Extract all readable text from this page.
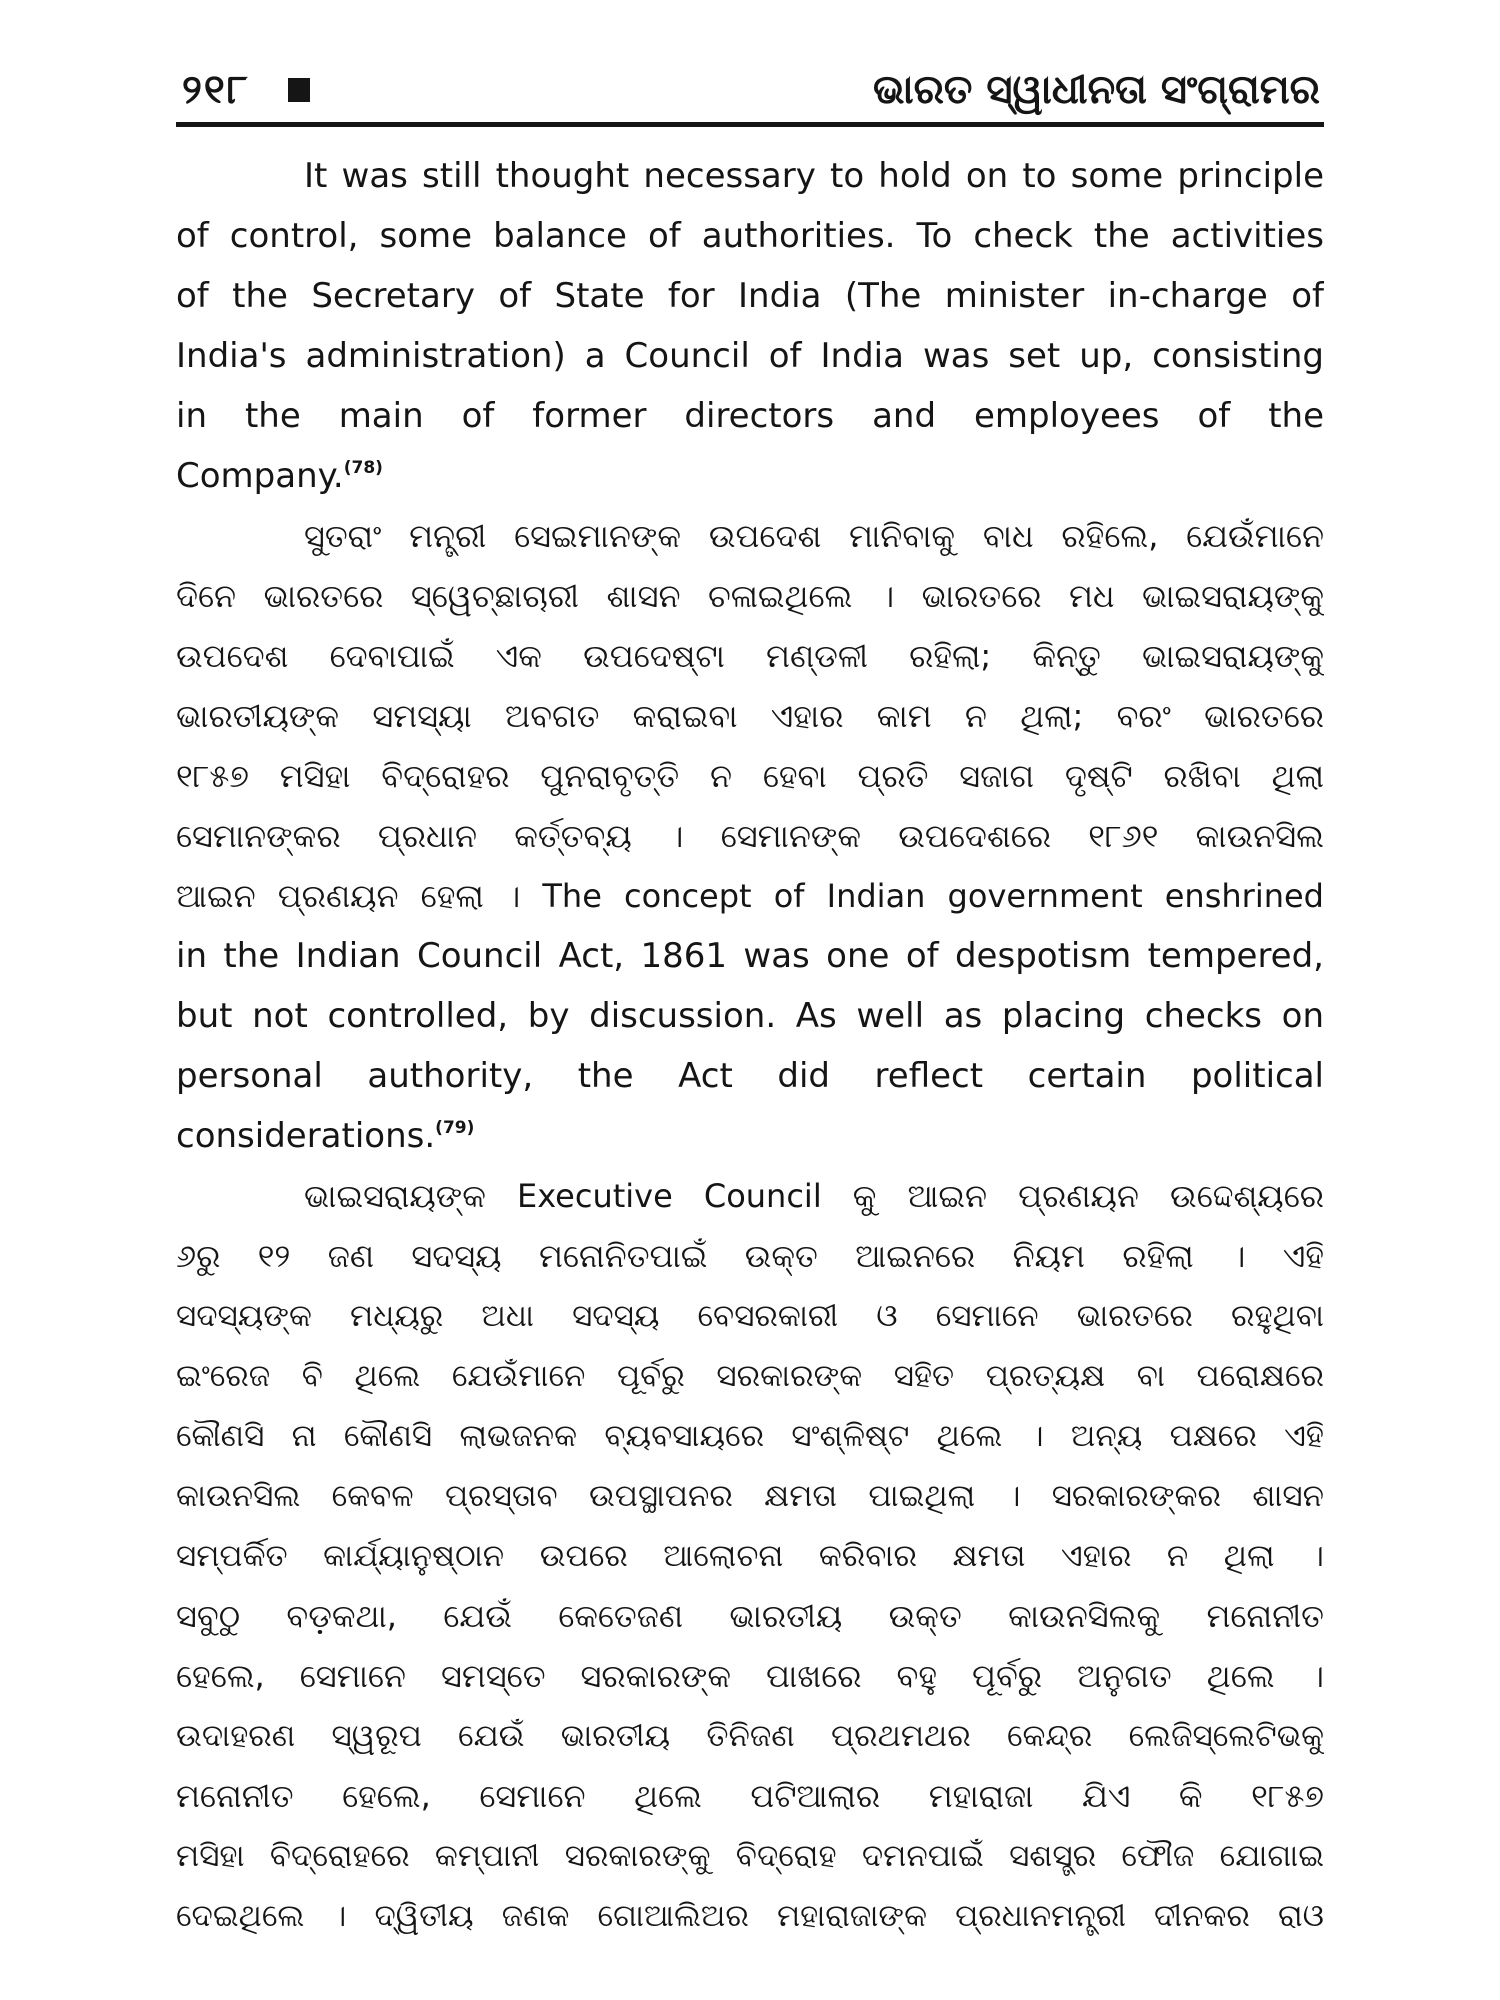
୨୧୮	ଭାରତ ସ୍ୱାଧୀନତା ସଂଗ୍ରାମର
It was still thought necessary to hold on to some principle
of control, some balance of authorities. To check the activities
of the Secretary of State for India (The minister in-charge of
India's administration) a Council of India was set up, consisting
in the main of former directors and employees of the
Company.$^{(78)}$
ସୁତରାଂ ମନ୍ତ୍ରୀ ସେଇମାନଙ୍କ ଉପଦେଶ ମାନିବାକୁ ବାଧ ରହିଲେ, ଯେଉଁମାନେ
ଦିନେ ଭାରତରେ ସ୍ୱେଚ୍ଛାଚାରୀ ଶାସନ ଚଳାଇଥିଲେ । ଭାରତରେ ମଧ ଭାଇସରାୟଙ୍କୁ
ଉପଦେଶ ଦେବାପାଇଁ ଏକ ଉପଦେଷ୍ଟା ମଣ୍ଡଳୀ ରହିଲା; କିନ୍ତୁ ଭାଇସରାୟଙ୍କୁ
ଭାରତୀୟଙ୍କ ସମସ୍ୟା ଅବଗତ କରାଇବା ଏହାର କାମ ନ ଥିଲା; ବରଂ ଭାରତରେ
୧୮୫୭ ମସିହା ବିଦ୍ରୋହର ପୁନରାବୃତ୍ତି ନ ହେବା ପ୍ରତି ସଜାଗ ଦୃଷ୍ଟି ରଖିବା ଥିଲା
ସେମାନଙ୍କର ପ୍ରଧାନ କର୍ତ୍ତବ୍ୟ । ସେମାନଙ୍କ ଉପଦେଶରେ ୧୮୬୧ କାଉନସିଲ
ଆଇନ ପ୍ରଣୟନ ହେଲା । The concept of Indian government enshrined
in the Indian Council Act, 1861 was one of despotism tempered,
but not controlled, by discussion. As well as placing checks on
personal authority, the Act did reflect certain political
considerations.$^{(79)}$
ଭାଇସରାୟଙ୍କ Executive Council କୁ ଆଇନ ପ୍ରଣୟନ ଉଦ୍ଦେଶ୍ୟରେ
୬ରୁ ୧୨ ଜଣ ସଦସ୍ୟ ମନୋନିତପାଇଁ ଉକ୍ତ ଆଇନରେ ନିୟମ ରହିଲା । ଏହି
ସଦସ୍ୟଙ୍କ ମଧ୍ୟରୁ ଅଧା ସଦସ୍ୟ ବେସରକାରୀ ଓ ସେମାନେ ଭାରତରେ ରହୁଥିବା
ଇଂରେଜ ବି ଥିଲେ ଯେଉଁମାନେ ପୂର୍ବରୁ ସରକାରଙ୍କ ସହିତ ପ୍ରତ୍ୟକ୍ଷ ବା ପରୋକ୍ଷରେ
କୌଣସି ନା କୌଣସି ଲାଭଜନକ ବ୍ୟବସାୟରେ ସଂଶ୍ଳିଷ୍ଟ ଥିଲେ । ଅନ୍ୟ ପକ୍ଷରେ ଏହି
କାଉନସିଲ କେବଳ ପ୍ରସ୍ତାବ ଉପସ୍ଥାପନର କ୍ଷମତା ପାଇଥିଲା । ସରକାରଙ୍କର ଶାସନ
ସମ୍ପର୍କିତ କାର୍ଯ୍ୟାନୁଷ୍ଠାନ ଉପରେ ଆଲୋଚନା କରିବାର କ୍ଷମତା ଏହାର ନ ଥିଲା ।
ସବୁଠୁ ବଡ଼କଥା, ଯେଉଁ କେତେଜଣ ଭାରତୀୟ ଉକ୍ତ କାଉନସିଲକୁ ମନୋନୀତ
ହେଲେ, ସେମାନେ ସମସ୍ତେ ସରକାରଙ୍କ ପାଖରେ ବହୁ ପୂର୍ବରୁ ଅନୁଗତ ଥିଲେ ।
ଉଦାହରଣ ସ୍ୱରୂପ ଯେଉଁ ଭାରତୀୟ ତିନିଜଣ ପ୍ରଥମଥର କେନ୍ଦ୍ର ଲେଜିସ୍‌ଲେଟିଭକୁ
ମନୋନୀତ ହେଲେ, ସେମାନେ ଥିଲେ ପଟିଆଲାର ମହାରାଜା ଯିଏ କି ୧୮୫୭
ମସିହା ବିଦ୍ରୋହରେ କମ୍ପାନୀ ସରକାରଙ୍କୁ ବିଦ୍ରୋହ ଦମନପାଇଁ ସଶସ୍ତ୍ର ଫୌଜ ଯୋଗାଇ
ଦେଇଥିଲେ । ଦ୍ୱିତୀୟ ଜଣକ ଗୋଆଲିଅର ମହାରାଜାଙ୍କ ପ୍ରଧାନମନ୍ତ୍ରୀ ଦୀନକର ରାଓ
